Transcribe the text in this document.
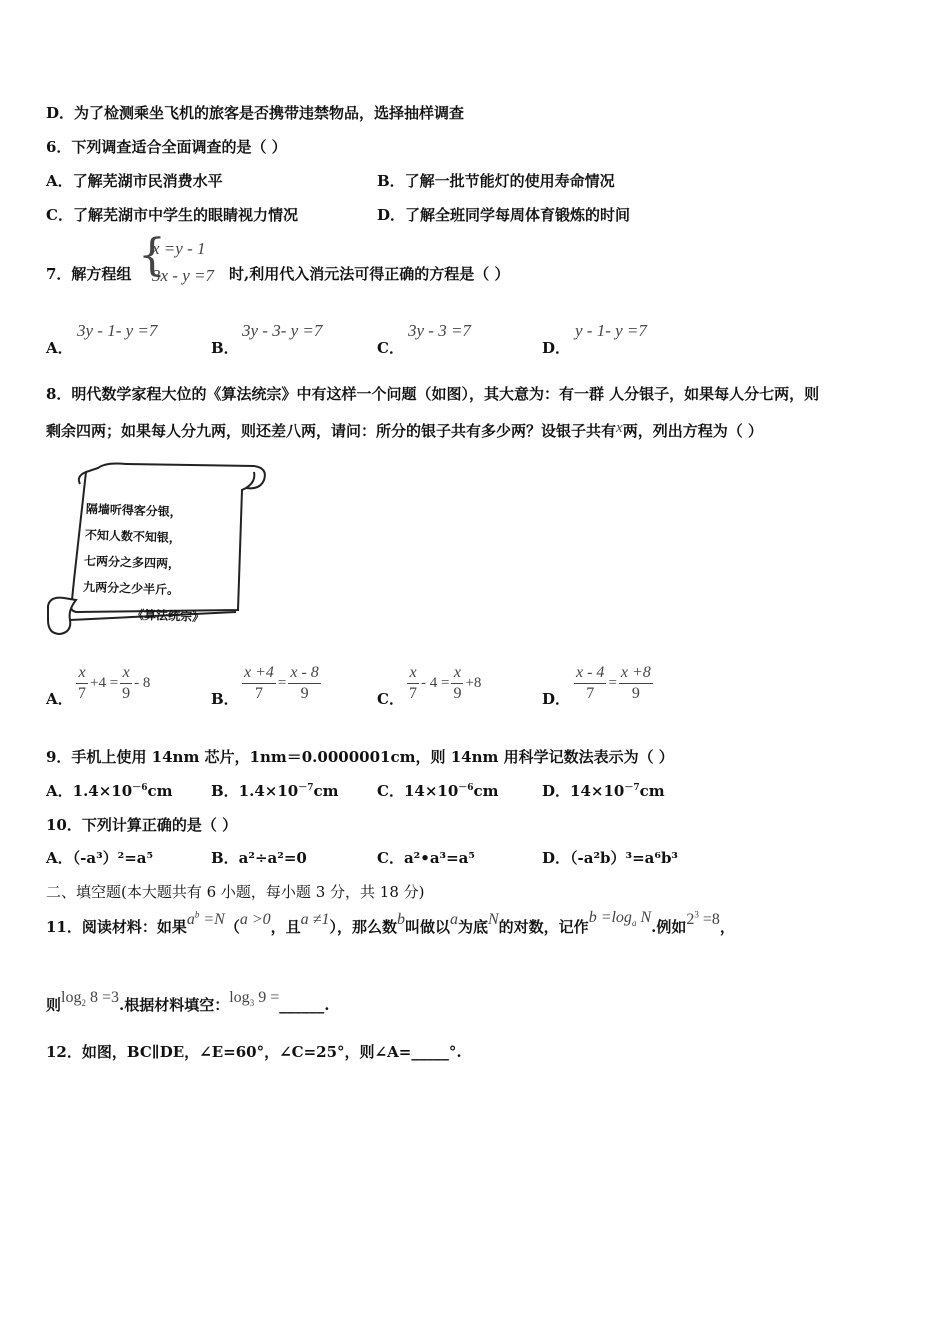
D．为了检测乘坐飞机的旅客是否携带违禁物品，选择抽样调查
6．下列调查适合全面调查的是（ ）
A．了解芜湖市民消费水平	B．了解一批节能灯的使用寿命情况
C．了解芜湖市中学生的眼睛视力情况	D．了解全班同学每周体育锻炼的时间
7．解方程组 {
x =y - 1
3x - y =7 时,利用代入消元法可得正确的方程是（ ）
A．
3y - 1- y =7
B．
3y - 3- y =7
C．
3y - 3 =7
D．
y - 1- y =7
8．明代数学家程大位的《算法统宗》中有这样一个问题（如图），其大意为：有一群 人分银子，如果每人分七两，则
剩余四两；如果每人分九两，则还差八两，请问：所分的银子共有多少两？设银子共有x两，列出方程为（ ）
隔墙听得客分银，
不知人数不知银，
七两分之多四两，
九两分之少半斤。
《算法统宗》
A． $\frac{x}{7} +4 = \frac{x}{9} - 8$
B． $\frac{x +4}{7} = \frac{x - 8}{9}$	C． $\frac{x}{7} - 4 = \frac{x}{9} +8$
D． $\frac{x - 4}{7} = \frac{x +8}{9}$
9．手机上使用 14nm 芯片，1nm＝0.0000001cm，则 14nm 用科学记数法表示为（ ）
A．$1.4\times 10^{-6}cm$	B．$1.4\times 10^{-7}cm$	C．$14\times 10^{-6}cm$	D．$14\times 10^{-7}cm$
10．下列计算正确的是（ ）
A．（-a³）²=a⁵	B．a²÷a²=0	C．a²•a³=a⁵	D．（-a²b）³=a⁶b³
二、填空题(本大题共有 6 小题，每小题 3 分，共 18 分)
11．阅读材料：如果$a^b =N(a >0$，且a ≠1），那么数b叫做以a为底N的对数，记作$b =\log_a$ N.例如$2^3 =8$，
则$\log_2 8 =3$.根据材料填空：$\log_3 9$ =______.
12．如图，BC∥DE，∠E=60°，∠C=25°，则∠A=_____°.
